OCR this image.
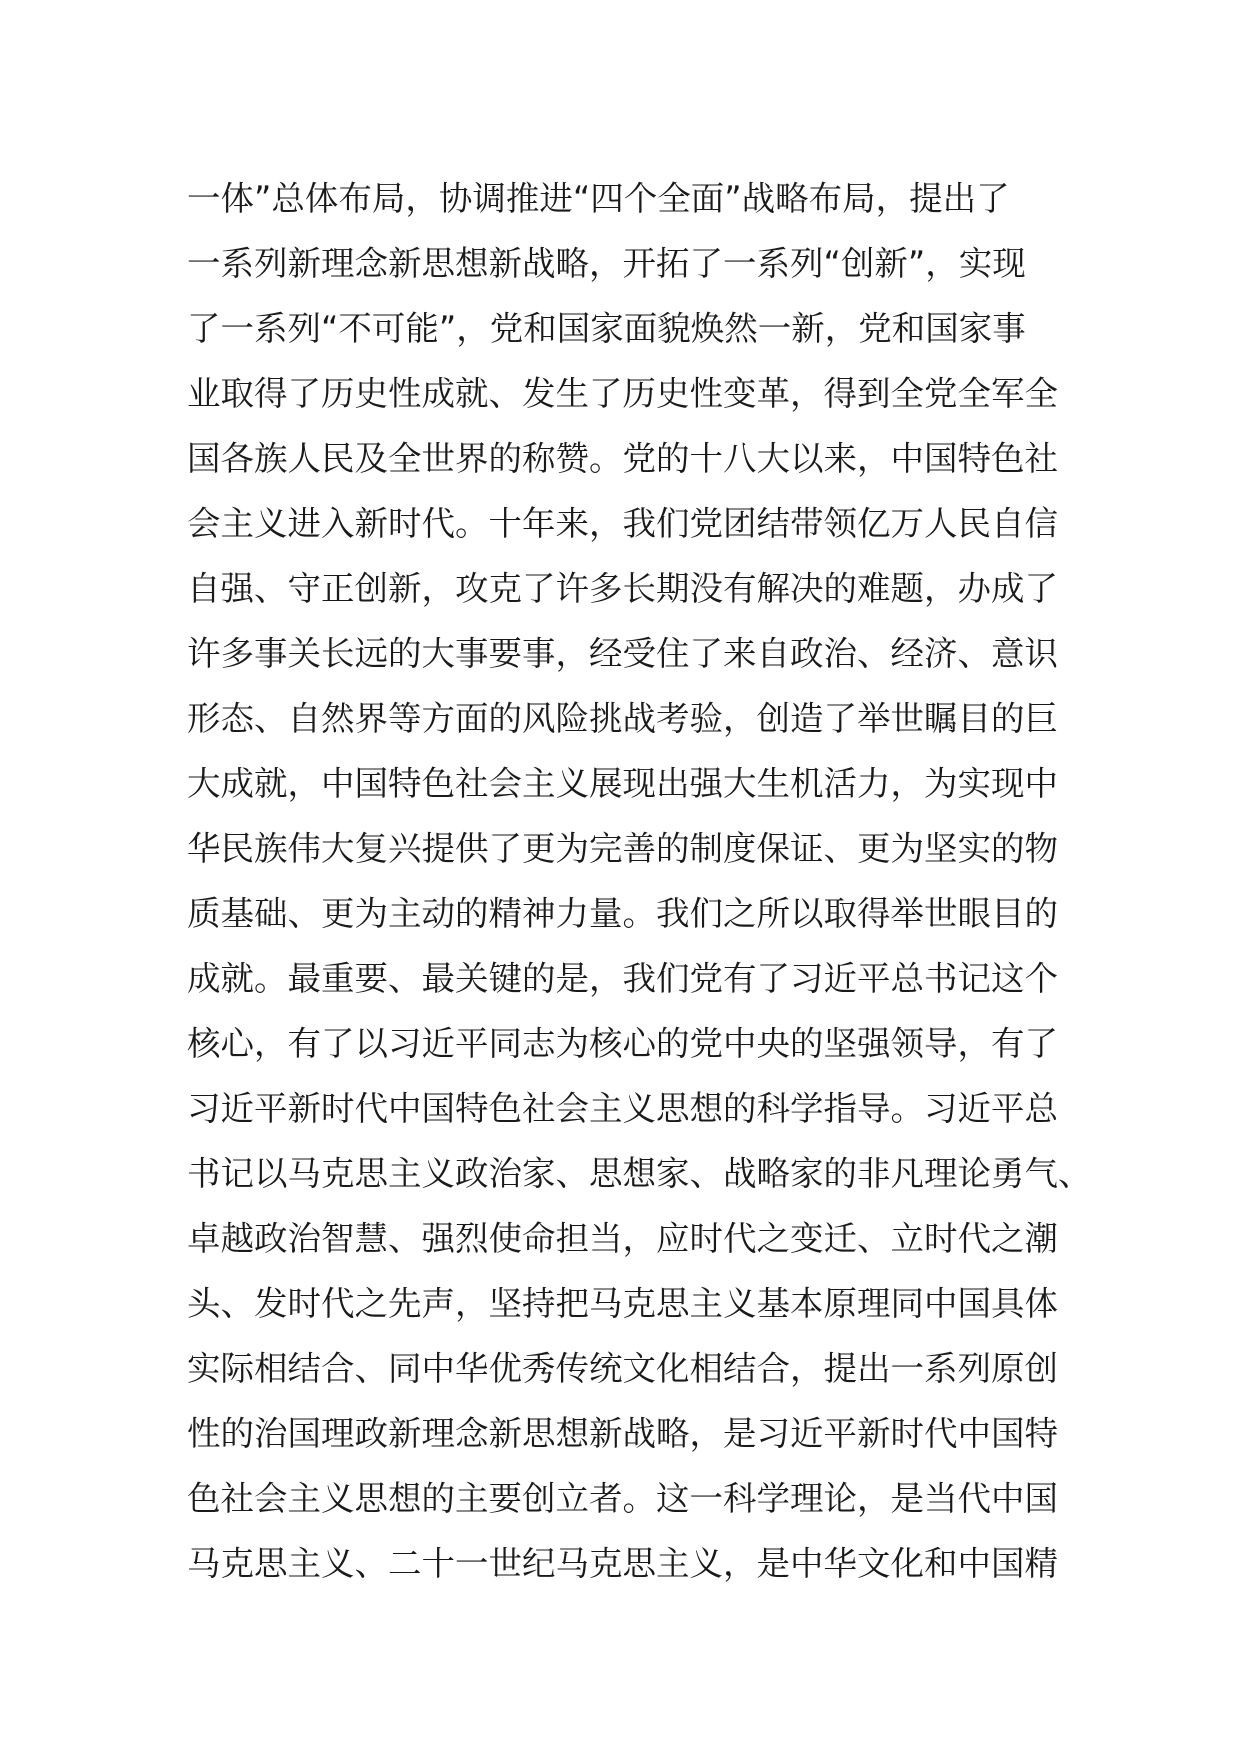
一体”总体布局，协调推进“四个全面”战略布局，提出了
一系列新理念新思想新战略，开拓了一系列“创新”，实现
了一系列“不可能”，党和国家面貌焕然一新，党和国家事
业取得了历史性成就、发生了历史性变革，得到全党全军全
国各族人民及全世界的称赞。党的十八大以来，中国特色社
会主义进入新时代。十年来，我们党团结带领亿万人民自信
自强、守正创新，攻克了许多长期没有解决的难题，办成了
许多事关长远的大事要事，经受住了来自政治、经济、意识
形态、自然界等方面的风险挑战考验，创造了举世瞩目的巨
大成就，中国特色社会主义展现出强大生机活力，为实现中
华民族伟大复兴提供了更为完善的制度保证、更为坚实的物
质基础、更为主动的精神力量。我们之所以取得举世眼目的
成就。最重要、最关键的是，我们党有了习近平总书记这个
核心，有了以习近平同志为核心的党中央的坚强领导，有了
习近平新时代中国特色社会主义思想的科学指导。习近平总
书记以马克思主义政治家、思想家、战略家的非凡理论勇气、
卓越政治智慧、强烈使命担当，应时代之变迁、立时代之潮
头、发时代之先声，坚持把马克思主义基本原理同中国具体
实际相结合、同中华优秀传统文化相结合，提出一系列原创
性的治国理政新理念新思想新战略，是习近平新时代中国特
色社会主义思想的主要创立者。这一科学理论，是当代中国
马克思主义、二十一世纪马克思主义，是中华文化和中国精
